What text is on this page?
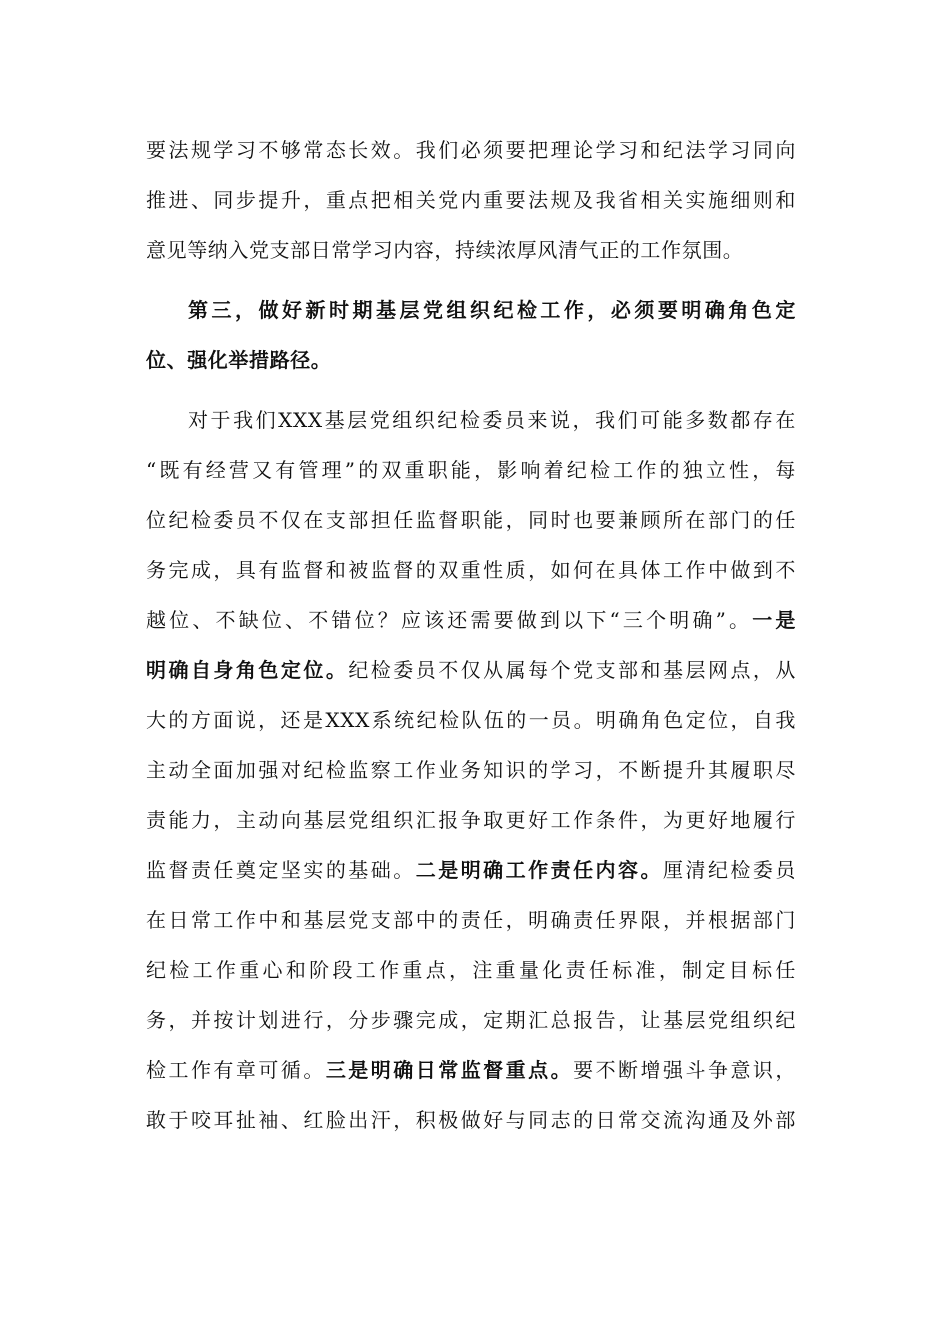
要法规学习不够常态长效。我们必须要把理论学习和纪法学习同向
推进、同步提升，重点把相关党内重要法规及我省相关实施细则和
意见等纳入党支部日常学习内容，持续浓厚风清气正的工作氛围。
第三，做好新时期基层党组织纪检工作，必须要明确角色定
位、强化举措路径。
对于我们XXX基层党组织纪检委员来说，我们可能多数都存在
“既有经营又有管理”的双重职能，影响着纪检工作的独立性，每
位纪检委员不仅在支部担任监督职能，同时也要兼顾所在部门的任
务完成，具有监督和被监督的双重性质，如何在具体工作中做到不
越位、不缺位、不错位？应该还需要做到以下“三个明确”。一是
明确自身角色定位。纪检委员不仅从属每个党支部和基层网点，从
大的方面说，还是XXX系统纪检队伍的一员。明确角色定位，自我
主动全面加强对纪检监察工作业务知识的学习，不断提升其履职尽
责能力，主动向基层党组织汇报争取更好工作条件，为更好地履行
监督责任奠定坚实的基础。二是明确工作责任内容。厘清纪检委员
在日常工作中和基层党支部中的责任，明确责任界限，并根据部门
纪检工作重心和阶段工作重点，注重量化责任标准，制定目标任
务，并按计划进行，分步骤完成，定期汇总报告，让基层党组织纪
检工作有章可循。三是明确日常监督重点。要不断增强斗争意识，
敢于咬耳扯袖、红脸出汗，积极做好与同志的日常交流沟通及外部
